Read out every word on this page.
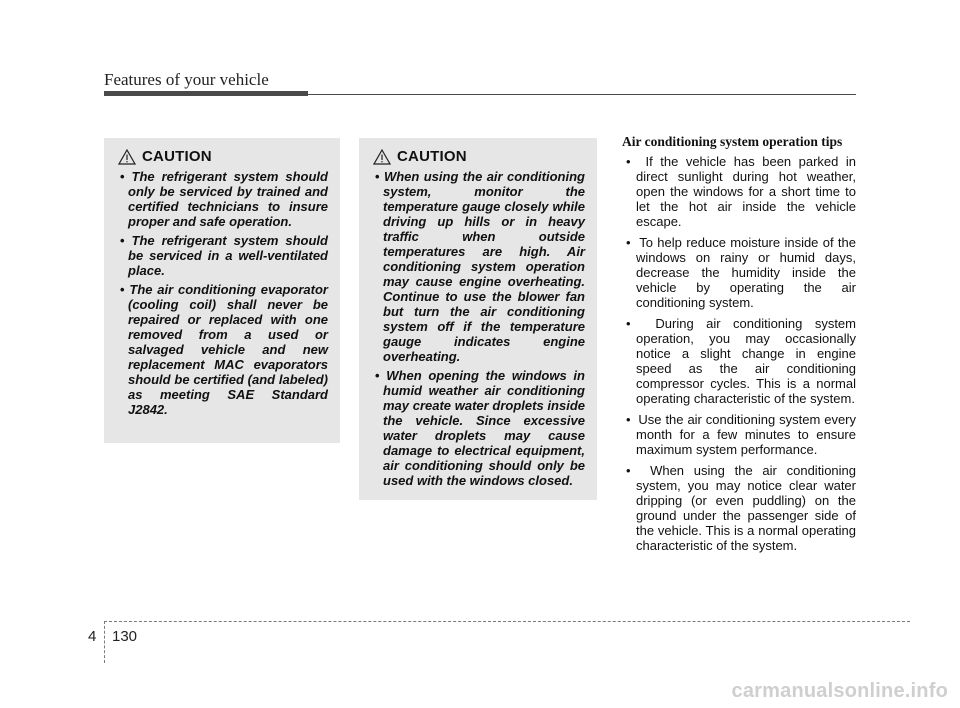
Features of your vehicle
CAUTION
• The refrigerant system should only be serviced by trained and certified technicians to insure proper and safe operation.
• The refrigerant system should be serviced in a well-ventilated place.
• The air conditioning evaporator (cooling coil) shall never be repaired or replaced with one removed from a used or salvaged vehicle and new replacement MAC evaporators should be certified (and labeled) as meeting SAE Standard J2842.
CAUTION
• When using the air conditioning system, monitor the temperature gauge closely while driving up hills or in heavy traffic when outside temperatures are high. Air conditioning system operation may cause engine overheating. Continue to use the blower fan but turn the air conditioning system off if the temperature gauge indicates engine overheating.
• When opening the windows in humid weather air conditioning may create water droplets inside the vehicle. Since excessive water droplets may cause damage to electrical equipment, air conditioning should only be used with the windows closed.
Air conditioning system operation tips
•  If the vehicle has been parked in direct sunlight during hot weather, open the windows for a short time to let the hot air inside the vehicle escape.
•  To help reduce moisture inside of the windows on rainy or humid days, decrease the humidity inside the vehicle by operating the air conditioning system.
•  During air conditioning system operation, you may occasionally notice a slight change in engine speed as the air conditioning compressor cycles. This is a normal operating characteristic of the system.
•  Use the air conditioning system every month for a few minutes to ensure maximum system performance.
•  When using the air conditioning system, you may notice clear water dripping (or even puddling) on the ground under the passenger side of the vehicle. This is a normal operating characteristic of the system.
4 130
carmanualsonline.info
